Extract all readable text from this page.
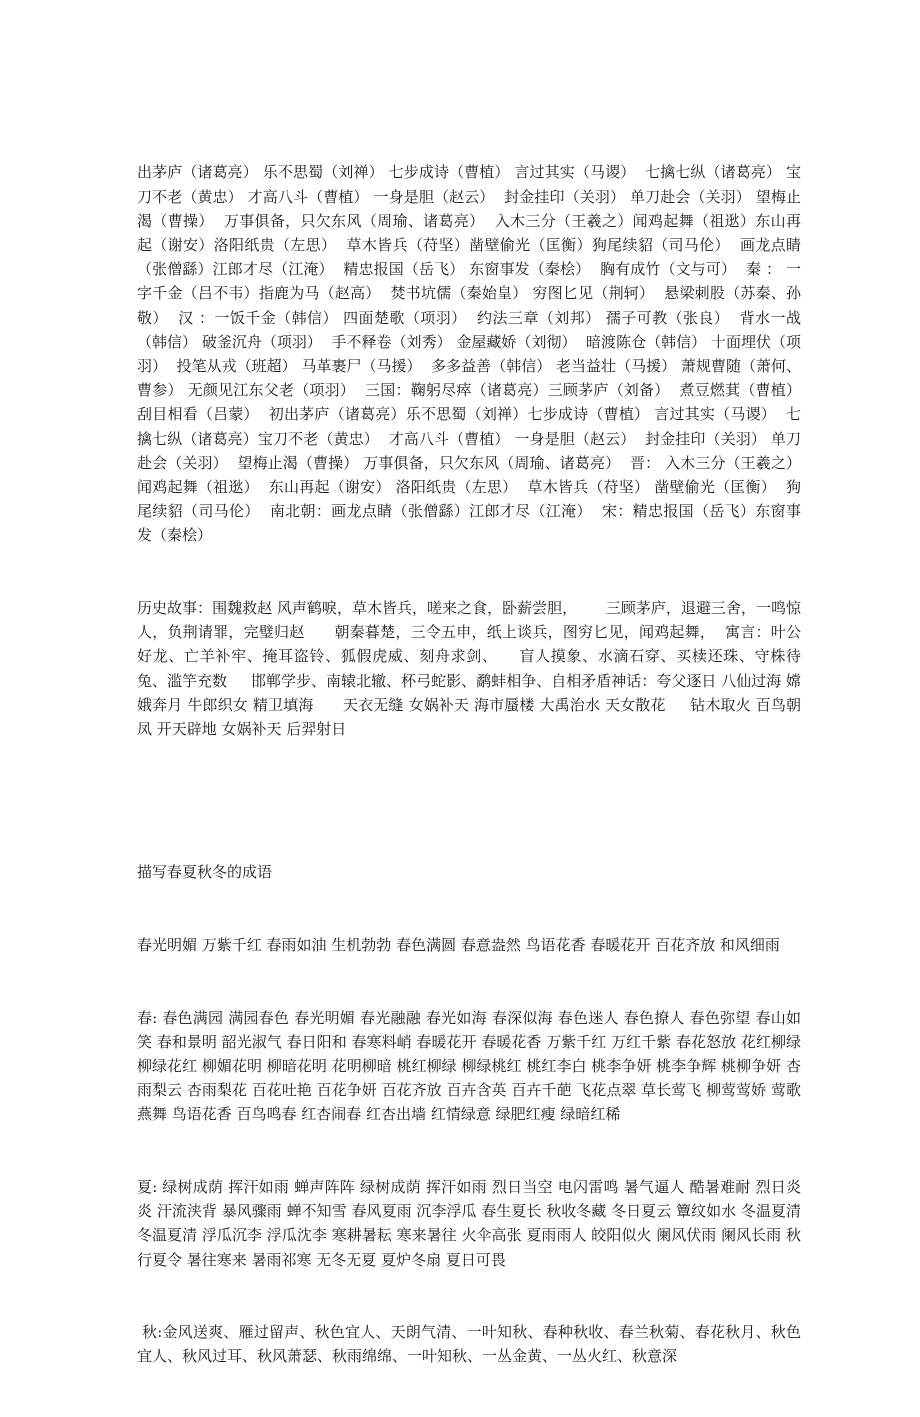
出茅庐（诸葛亮） 乐不思蜀（刘禅） 七步成诗（曹植） 言过其实（马谡）  七擒七纵（诸葛亮） 宝刀不老（黄忠） 才高八斗（曹植） 一身是胆（赵云）  封金挂印（关羽） 单刀赴会（关羽） 望梅止渴（曹操）  万事俱备，只欠东风（周瑜、诸葛亮）  入木三分（王羲之）闻鸡起舞（祖逖）东山再起（谢安）洛阳纸贵（左思）  草木皆兵（苻坚）凿壁偷光（匡衡）狗尾续貂（司马伦）  画龙点睛（张僧繇）江郎才尽（江淹）  精忠报国（岳飞） 东窗事发（秦桧）  胸有成竹（文与可）  秦 ： 一字千金（吕不韦）指鹿为马（赵高）  焚书坑儒（秦始皇） 穷图匕见（荆轲）  悬梁刺股（苏秦、孙敬）  汉 ：一饭千金（韩信） 四面楚歌（项羽）  约法三章（刘邦） 孺子可教（张良）  背水一战（韩信） 破釜沉舟（项羽）  手不释卷（刘秀） 金屋藏娇（刘彻）  暗渡陈仓（韩信） 十面埋伏（项羽）  投笔从戎（班超） 马革裹尸（马援）  多多益善（韩信） 老当益壮（马援） 萧规曹随（萧何、曹参） 无颜见江东父老（项羽）  三国：鞠躬尽瘁（诸葛亮）三顾茅庐（刘备）  煮豆燃萁（曹植） 刮目相看（吕蒙）  初出茅庐（诸葛亮）乐不思蜀（刘禅）七步成诗（曹植） 言过其实（马谡）  七擒七纵（诸葛亮）宝刀不老（黄忠）  才高八斗（曹植） 一身是胆（赵云）  封金挂印（关羽） 单刀赴会（关羽）  望梅止渴（曹操） 万事俱备，只欠东风（周瑜、诸葛亮）  晋： 入木三分（王羲之）闻鸡起舞（祖逖）  东山再起（谢安） 洛阳纸贵（左思）  草木皆兵（苻坚） 凿壁偷光（匡衡）  狗尾续貂（司马伦）  南北朝：画龙点睛（张僧繇）江郎才尽（江淹）  宋：精忠报国（岳飞）东窗事发（秦桧）

历史故事：围魏救赵 风声鹤唳，草木皆兵，嗟来之食，卧薪尝胆，      三顾茅庐，退避三舍，一鸣惊人，负荆请罪，完璧归赵      朝秦暮楚，三令五申，纸上谈兵，图穷匕见，闻鸡起舞，  寓言：叶公好龙、亡羊补牢、掩耳盗铃、狐假虎威、刻舟求剑、    盲人摸象、水滴石穿、买椟还珠、守株待兔、滥竽充数     邯郸学步、南辕北辙、杯弓蛇影、鹬蚌相争、自相矛盾神话：夸父逐日 八仙过海 嫦娥奔月 牛郎织女 精卫填海      天衣无缝 女娲补天 海市蜃楼 大禹治水 天女散花     钻木取火 百鸟朝凤 开天辟地 女娲补天 后羿射日

描写春夏秋冬的成语

春光明媚 万紫千红 春雨如油 生机勃勃 春色满圆 春意盎然 鸟语花香 春暖花开 百花齐放 和风细雨

春: 春色满园 满园春色 春光明媚 春光融融 春光如海 春深似海 春色迷人 春色撩人 春色弥望 春山如笑 春和景明 韶光淑气 春日阳和 春寒料峭 春暖花开 春暖花香 万紫千红 万红千紫 春花怒放 花红柳绿 柳绿花红 柳媚花明 柳暗花明 花明柳暗 桃红柳绿 柳绿桃红 桃红李白 桃李争妍 桃李争辉 桃柳争妍 杏雨梨云 杏雨梨花 百花吐艳 百花争妍 百花齐放 百卉含英 百卉千葩 飞花点翠 草长莺飞 柳莺莺娇 莺歌燕舞 鸟语花香 百鸟鸣春 红杏闹春 红杏出墙 红情绿意 绿肥红瘦 绿暗红稀

夏: 绿树成荫 挥汗如雨 蝉声阵阵 绿树成荫 挥汗如雨 烈日当空 电闪雷鸣 暑气逼人 酷暑难耐 烈日炎炎 汗流浃背 暴风骤雨 蝉不知雪 春风夏雨 沉李浮瓜 春生夏长 秋收冬藏 冬日夏云 簟纹如水 冬温夏清 冬温夏清 浮瓜沉李 浮瓜沈李 寒耕暑耘 寒来暑往 火伞高张 夏雨雨人 皎阳似火 阑风伏雨 阑风长雨 秋行夏令 暑往寒来 暑雨祁寒 无冬无夏 夏炉冬扇 夏日可畏

秋:金风送爽、雁过留声、秋色宜人、天朗气清、一叶知秋、春种秋收、春兰秋菊、春花秋月、秋色宜人、秋风过耳、秋风萧瑟、秋雨绵绵、一叶知秋、一丛金黄、一丛火红、秋意深
